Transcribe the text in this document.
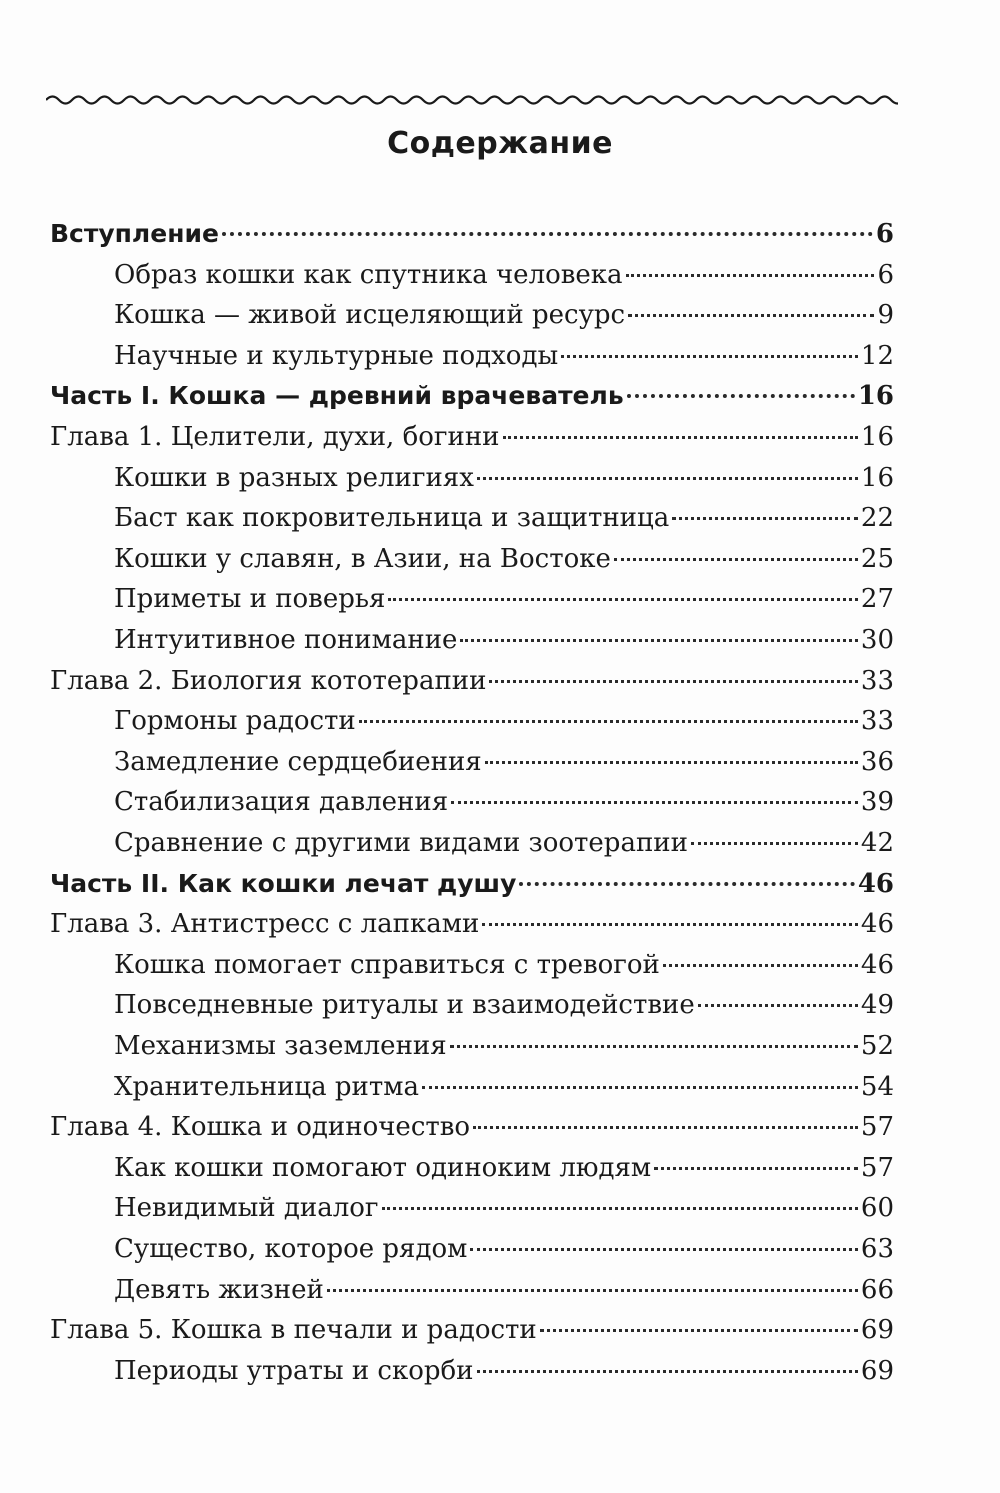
Содержание
Вступление	6
Образ кошки как спутника человека	6
Кошка — живой исцеляющий ресурс	9
Научные и культурные подходы	12
Часть I. Кошка — древний врачеватель	16
Глава 1. Целители, духи, богини	16
Кошки в разных религиях	16
Баст как покровительница и защитница	22
Кошки у славян, в Азии, на Востоке	25
Приметы и поверья	27
Интуитивное понимание	30
Глава 2. Биология кототерапии	33
Гормоны радости	33
Замедление сердцебиения	36
Стабилизация давления	39
Сравнение с другими видами зоотерапии	42
Часть II. Как кошки лечат душу	46
Глава 3. Антистресс с лапками	46
Кошка помогает справиться с тревогой	46
Повседневные ритуалы и взаимодействие	49
Механизмы заземления	52
Хранительница ритма	54
Глава 4. Кошка и одиночество	57
Как кошки помогают одиноким людям	57
Невидимый диалог	60
Существо, которое рядом	63
Девять жизней	66
Глава 5. Кошка в печали и радости	69
Периоды утраты и скорби	69
